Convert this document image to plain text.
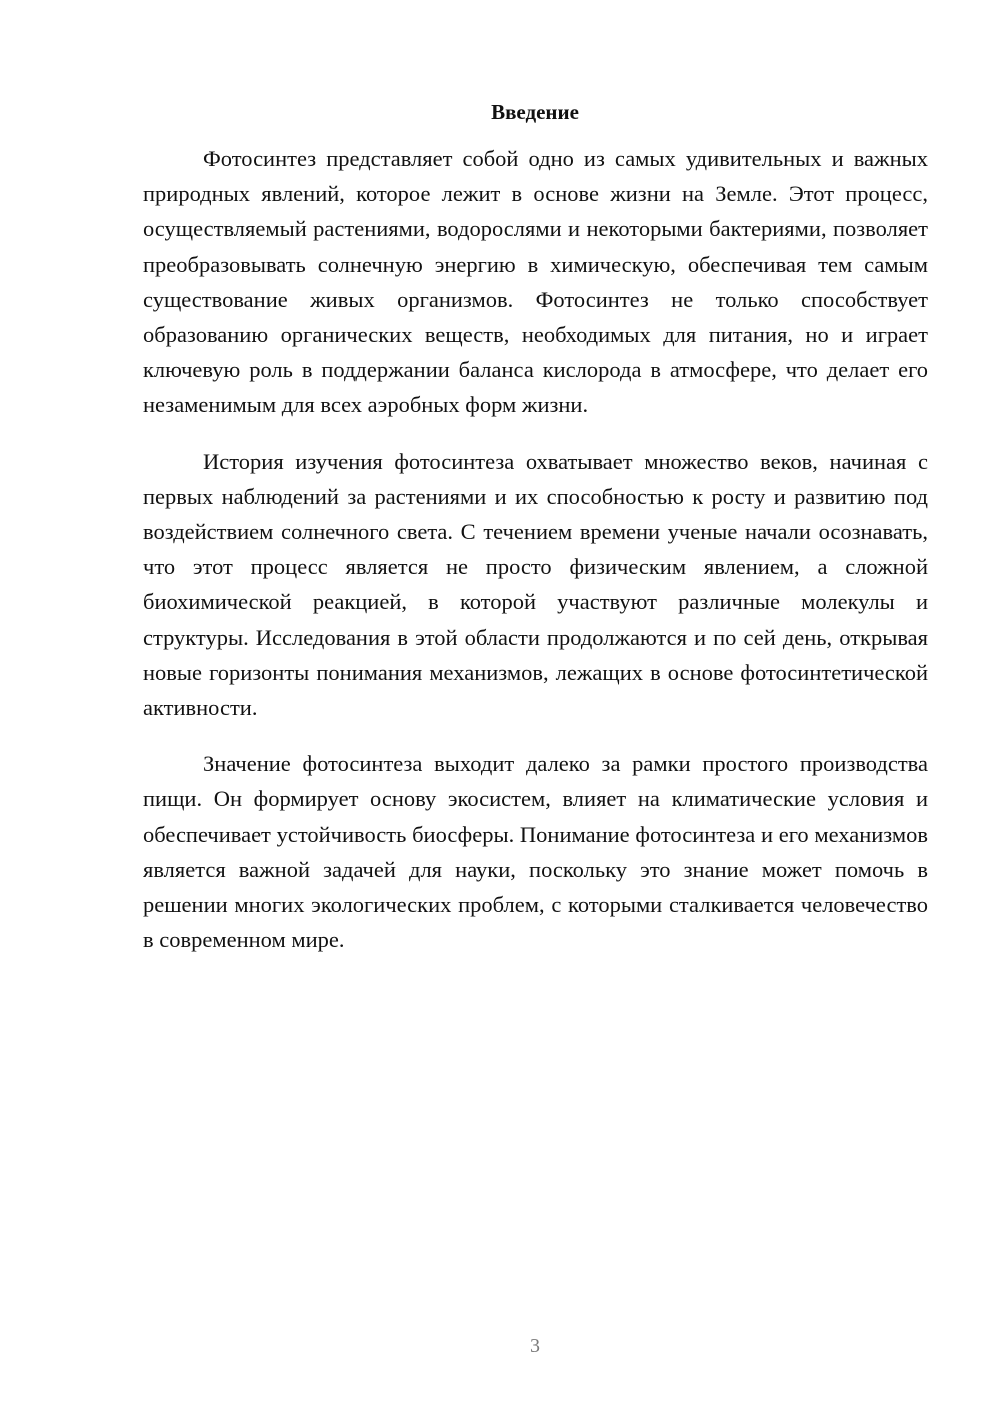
Введение

Фотосинтез представляет собой одно из самых удивительных и важных природных явлений, которое лежит в основе жизни на Земле. Этот процесс, осуществляемый растениями, водорослями и некоторыми бактериями, позволяет преобразовывать солнечную энергию в химическую, обеспечивая тем самым существование живых организмов. Фотосинтез не только способствует образованию органических веществ, необходимых для питания, но и играет ключевую роль в поддержании баланса кислорода в атмосфере, что делает его незаменимым для всех аэробных форм жизни.

История изучения фотосинтеза охватывает множество веков, начиная с первых наблюдений за растениями и их способностью к росту и развитию под воздействием солнечного света. С течением времени ученые начали осознавать, что этот процесс является не просто физическим явлением, а сложной биохимической реакцией, в которой участвуют различные молекулы и структуры. Исследования в этой области продолжаются и по сей день, открывая новые горизонты понимания механизмов, лежащих в основе фотосинтетической активности.

Значение фотосинтеза выходит далеко за рамки простого производства пищи. Он формирует основу экосистем, влияет на климатические условия и обеспечивает устойчивость биосферы. Понимание фотосинтеза и его механизмов является важной задачей для науки, поскольку это знание может помочь в решении многих экологических проблем, с которыми сталкивается человечество в современном мире.

3
